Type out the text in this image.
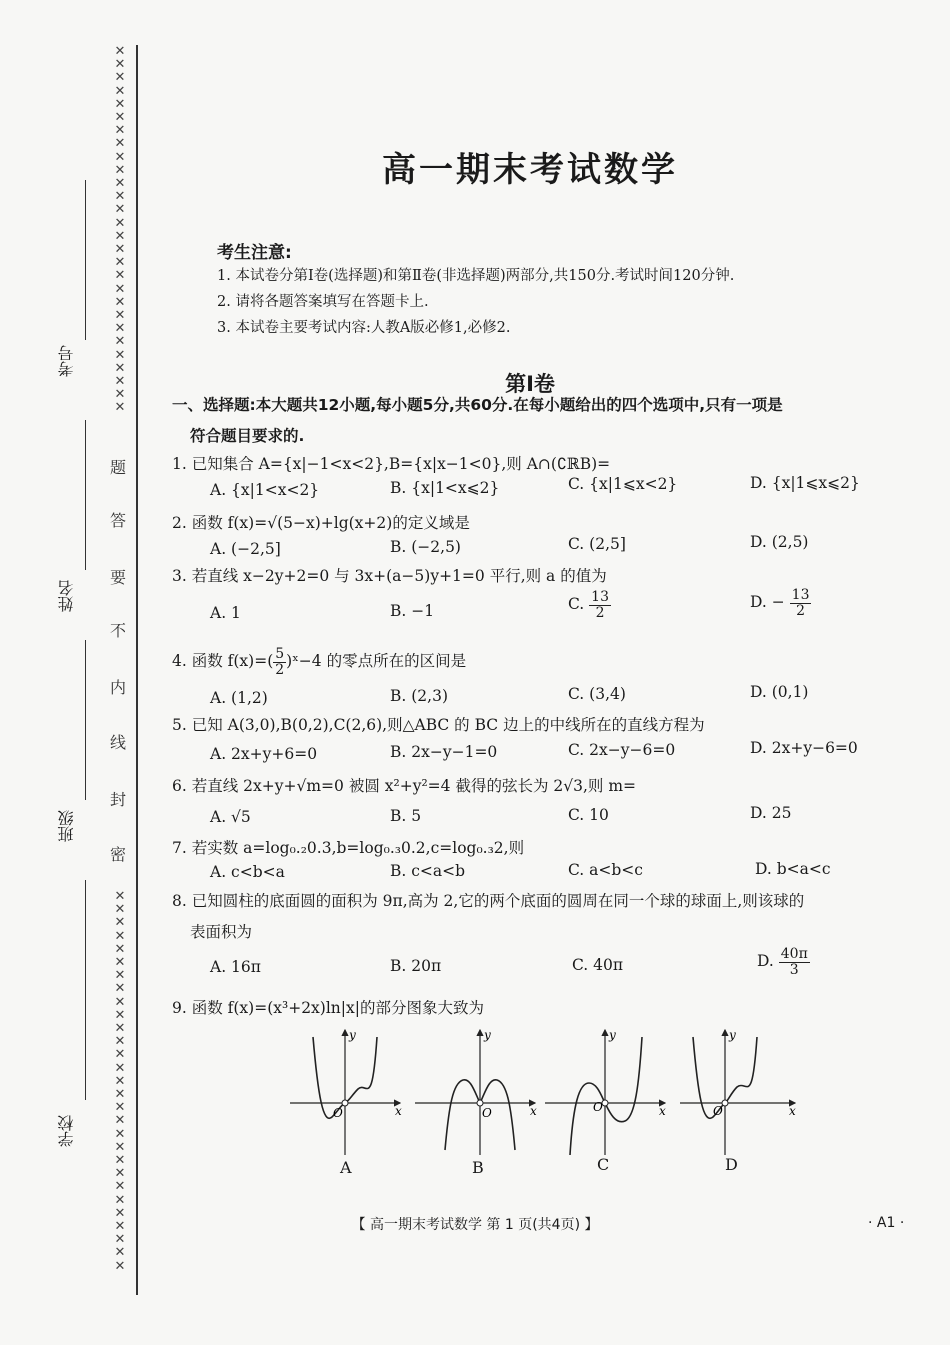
✕
✕
✕
✕
✕
✕
✕
✕
✕
✕
✕
✕
✕
✕
✕
✕
✕
✕
✕
✕
✕
✕
✕
✕
✕
✕
✕
✕
✕
✕
✕
✕
✕
✕
✕
✕
✕
✕
✕
✕
✕
✕
✕
✕
✕
✕
✕
✕
✕
✕
✕
✕
✕
✕
✕
✕
✕
题
答
要
不
内
线
封
密
考号
姓名
班级
学校
高一期末考试数学
考生注意:
1. 本试卷分第Ⅰ卷(选择题)和第Ⅱ卷(非选择题)两部分,共150分.考试时间120分钟.
2. 请将各题答案填写在答题卡上.
3. 本试卷主要考试内容:人教A版必修1,必修2.
第Ⅰ卷
一、选择题:本大题共12小题,每小题5分,共60分.在每小题给出的四个选项中,只有一项是
符合题目要求的.
1. 已知集合 A={x|−1<x<2},B={x|x−1<0},则 A∩(∁ℝB)=
A. {x|1<x<2}	B. {x|1<x⩽2}	C. {x|1⩽x<2}	D. {x|1⩽x⩽2}
2. 函数 f(x)=√(5−x)+lg(x+2)的定义域是
A. (−2,5]	B. (−2,5)	C. (2,5]	D. (2,5)
3. 若直线 x−2y+2=0 与 3x+(a−5)y+1=0 平行,则 a 的值为
A. 1	B. −1	C. $\frac{13}{2}$	D. − $\frac{13}{2}$
4. 函数 $f(x)=( \frac{5}{2}$ )ˣ−4 的零点所在的区间是
A. (1,2)	B. (2,3)	C. (3,4)	D. (0,1)
5. 已知 A(3,0),B(0,2),C(2,6),则△ABC 的 BC 边上的中线所在的直线方程为
A. 2x+y+6=0	B. 2x−y−1=0	C. 2x−y−6=0	D. 2x+y−6=0
6. 若直线 2x+y+√m=0 被圆 x²+y²=4 截得的弦长为 2√3,则 m=
A. √5	B. 5	C. 10	D. 25
7. 若实数 a=log₀.₂0.3,b=log₀.₃0.2,c=log₀.₃2,则
A. c<b<a	B. c<a<b	C. a<b<c	D. b<a<c
8. 已知圆柱的底面圆的面积为 9π,高为 2,它的两个底面的圆周在同一个球的球面上,则该球的
表面积为
A. 16π	B. 20π	C. 40π	D. $\frac{40\pi}{3}$
9. 函数 f(x)=(x³+2x)ln|x|的部分图象大致为
x
y
O	x
y
O	x
y
O	x
y
O
A	B	C	D
【 高一期末考试数学 第 1 页(共4页) 】	· A1 ·
